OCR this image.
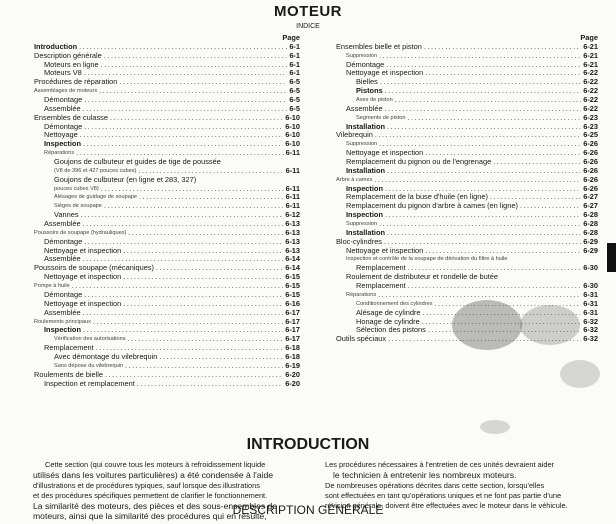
MOTEUR
INDICE
Page
Introduction .....	6-1
Description générale .....	6-1
Moteurs en ligne .....	6-1
Moteurs V8 .....	6-1
Procédures de réparation .....	6-5
Assemblages de moteurs .....	6-5
Démontage .....	6-5
Assemblée .....	6-5
Ensembles de culasse .....	6-10
Démontage .....	6-10
Nettoyage .....	6-10
Inspection .....	6-10
Réparations .....	6-11
Goujons de culbuteur et guides de tige de poussée
(V8 de 396 et 427 pouces cubes) .....	6-11
Goujons de culbuteur (en ligne et 283, 327)
pouces cubes V8) .....	6-11
Alésages de guidage de soupape .....	6-11
Sièges de soupape .....	6-11
Vannes .....	6-12
Assemblée .....	6-13
Poussoirs de soupape (hydrauliques) .....	6-13
Démontage .....	6-13
Nettoyage et inspection .....	6-13
Assemblée .....	6-14
Poussoirs de soupape (mécaniques) .....	6-14
Nettoyage et inspection .....	6-15
Pompe à huile .....	6-15
Démontage .....	6-15
Nettoyage et inspection .....	6-16
Assemblée .....	6-17
Roulements principaux .....	6-17
Inspection .....	6-17
Vérification des autorisations .....	6-17
Remplacement .....	6-18
Avec démontage du vilebrequin .....	6-18
Sans dépose du vilebrequin .....	6-19
Roulements de bielle .....	6-20
Inspection et remplacement .....	6-20
Page
Ensembles bielle et piston .....	6-21
Suppression .....	6-21
Démontage .....	6-21
Nettoyage et inspection .....	6-22
Bielles .....	6-22
Pistons .....	6-22
Axes de piston .....	6-22
Assemblée .....	6-22
Segments de piston .....	6-23
Installation .....	6-23
Vilebrequin .....	6-25
Suppression .....	6-26
Nettoyage et inspection .....	6-26
Remplacement du pignon ou de l'engrenage .....	6-26
Installation .....	6-26
Arbre à cames .....	6-26
Inspection .....	6-26
Remplacement de la buse d'huile (en ligne) .....	6-27
Remplacement du pignon d'arbre à cames (en ligne) .....	6-27
Inspection .....	6-28
Suppression .....	6-28
Installation .....	6-28
Bloc-cylindres .....	6-29
Nettoyage et inspection .....	6-29
Inspection et contrôle de la soupape de dérivation du filtre à huile
Remplacement .....	6-30
Roulement de distributeur et rondelle de butée
Remplacement .....	6-30
Réparations .....	6-31
Conditionnement des cylindres .....	6-31
Alésage de cylindre .....	6-31
Honage de cylindre .....	6-32
Sélection des pistons .....	6-32
Outils spéciaux .....	6-32
INTRODUCTION

Cette section (qui couvre tous les moteurs à refroidissement liquide

utilisés dans les voitures particulières) a été condensée à l'aide

d'illustrations et de procédures typiques, sauf lorsque des illustrations

et des procédures spécifiques permettent de clarifier le fonctionnement.

La similarité des moteurs, des pièces et des sous-ensembles de

moteurs, ainsi que la similarité des procédures qui en résulte,

Les procédures nécessaires à l'entretien de ces unités devraient aider

le technicien à entretenir les nombreux moteurs.

De nombreuses opérations décrites dans cette section, lorsqu'elles

sont effectuées en tant qu'opérations uniques et ne font pas partie d'une

révision générale, doivent être effectuées avec le moteur dans le véhicule.

DESCRIPTION GÉNÉRALE
